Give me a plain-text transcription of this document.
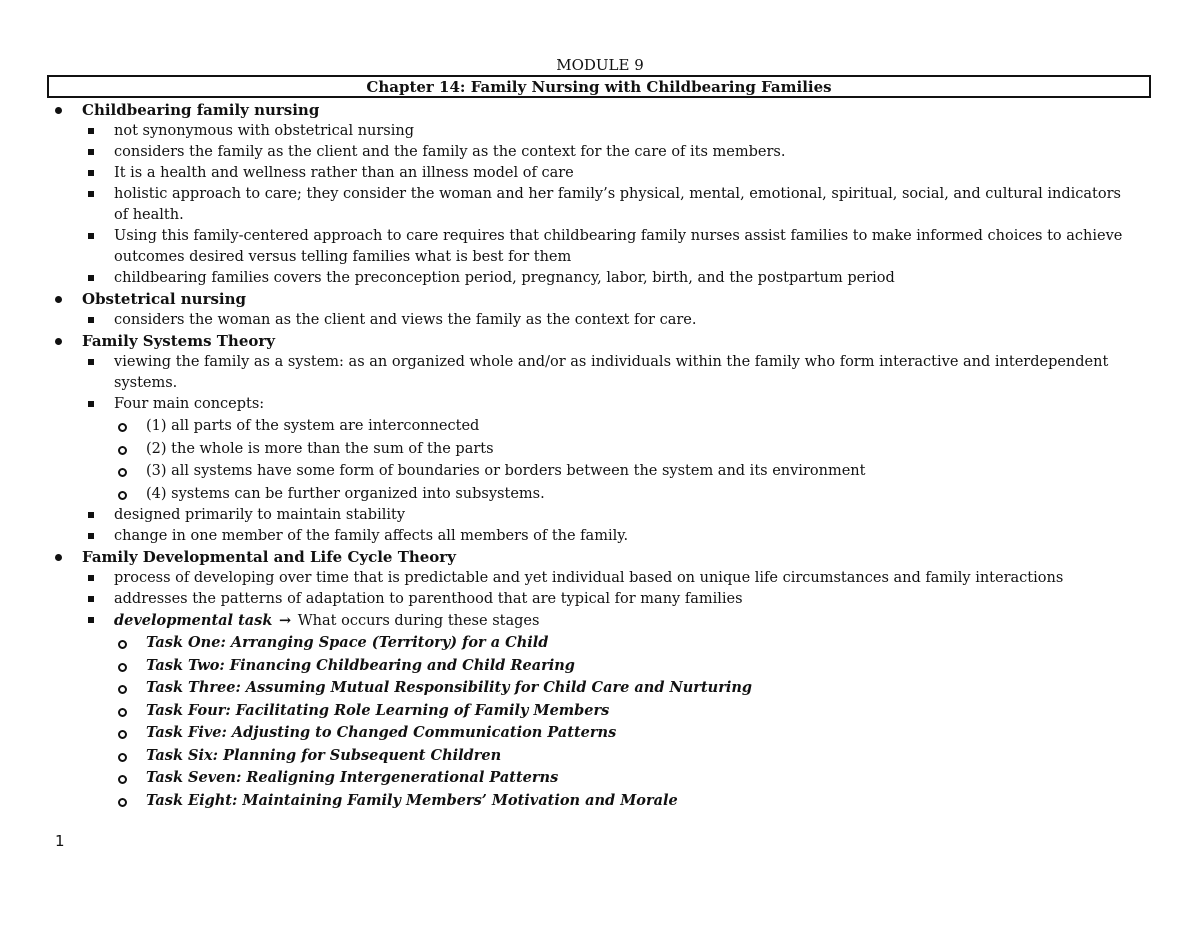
MODULE 9
Chapter 14: Family Nursing with Childbearing Families
Childbearing family nursing
not synonymous with obstetrical nursing
considers the family as the client and the family as the context for the care of its members.
It is a health and wellness rather than an illness model of care
holistic approach to care; they consider the woman and her family’s physical, mental, emotional, spiritual, social, and cultural indicators of health.
Using this family-centered approach to care requires that childbearing family nurses assist families to make informed choices to achieve outcomes desired versus telling families what is best for them
childbearing families covers the preconception period, pregnancy, labor, birth, and the postpartum period
Obstetrical nursing
considers the woman as the client and views the family as the context for care.
Family Systems Theory
viewing the family as a system: as an organized whole and/or as individuals within the family who form interactive and interdependent systems.
Four main concepts:
(1) all parts of the system are interconnected
(2) the whole is more than the sum of the parts
(3) all systems have some form of boundaries or borders between the system and its environment
(4) systems can be further organized into subsystems.
designed primarily to maintain stability
change in one member of the family affects all members of the family.
Family Developmental and Life Cycle Theory
process of developing over time that is predictable and yet individual based on unique life circumstances and family interactions
addresses the patterns of adaptation to parenthood that are typical for many families
developmental task → What occurs during these stages
Task One: Arranging Space (Territory) for a Child
Task Two: Financing Childbearing and Child Rearing
Task Three: Assuming Mutual Responsibility for Child Care and Nurturing
Task Four: Facilitating Role Learning of Family Members
Task Five: Adjusting to Changed Communication Patterns
Task Six: Planning for Subsequent Children
Task Seven: Realigning Intergenerational Patterns
Task Eight: Maintaining Family Members’ Motivation and Morale
1
